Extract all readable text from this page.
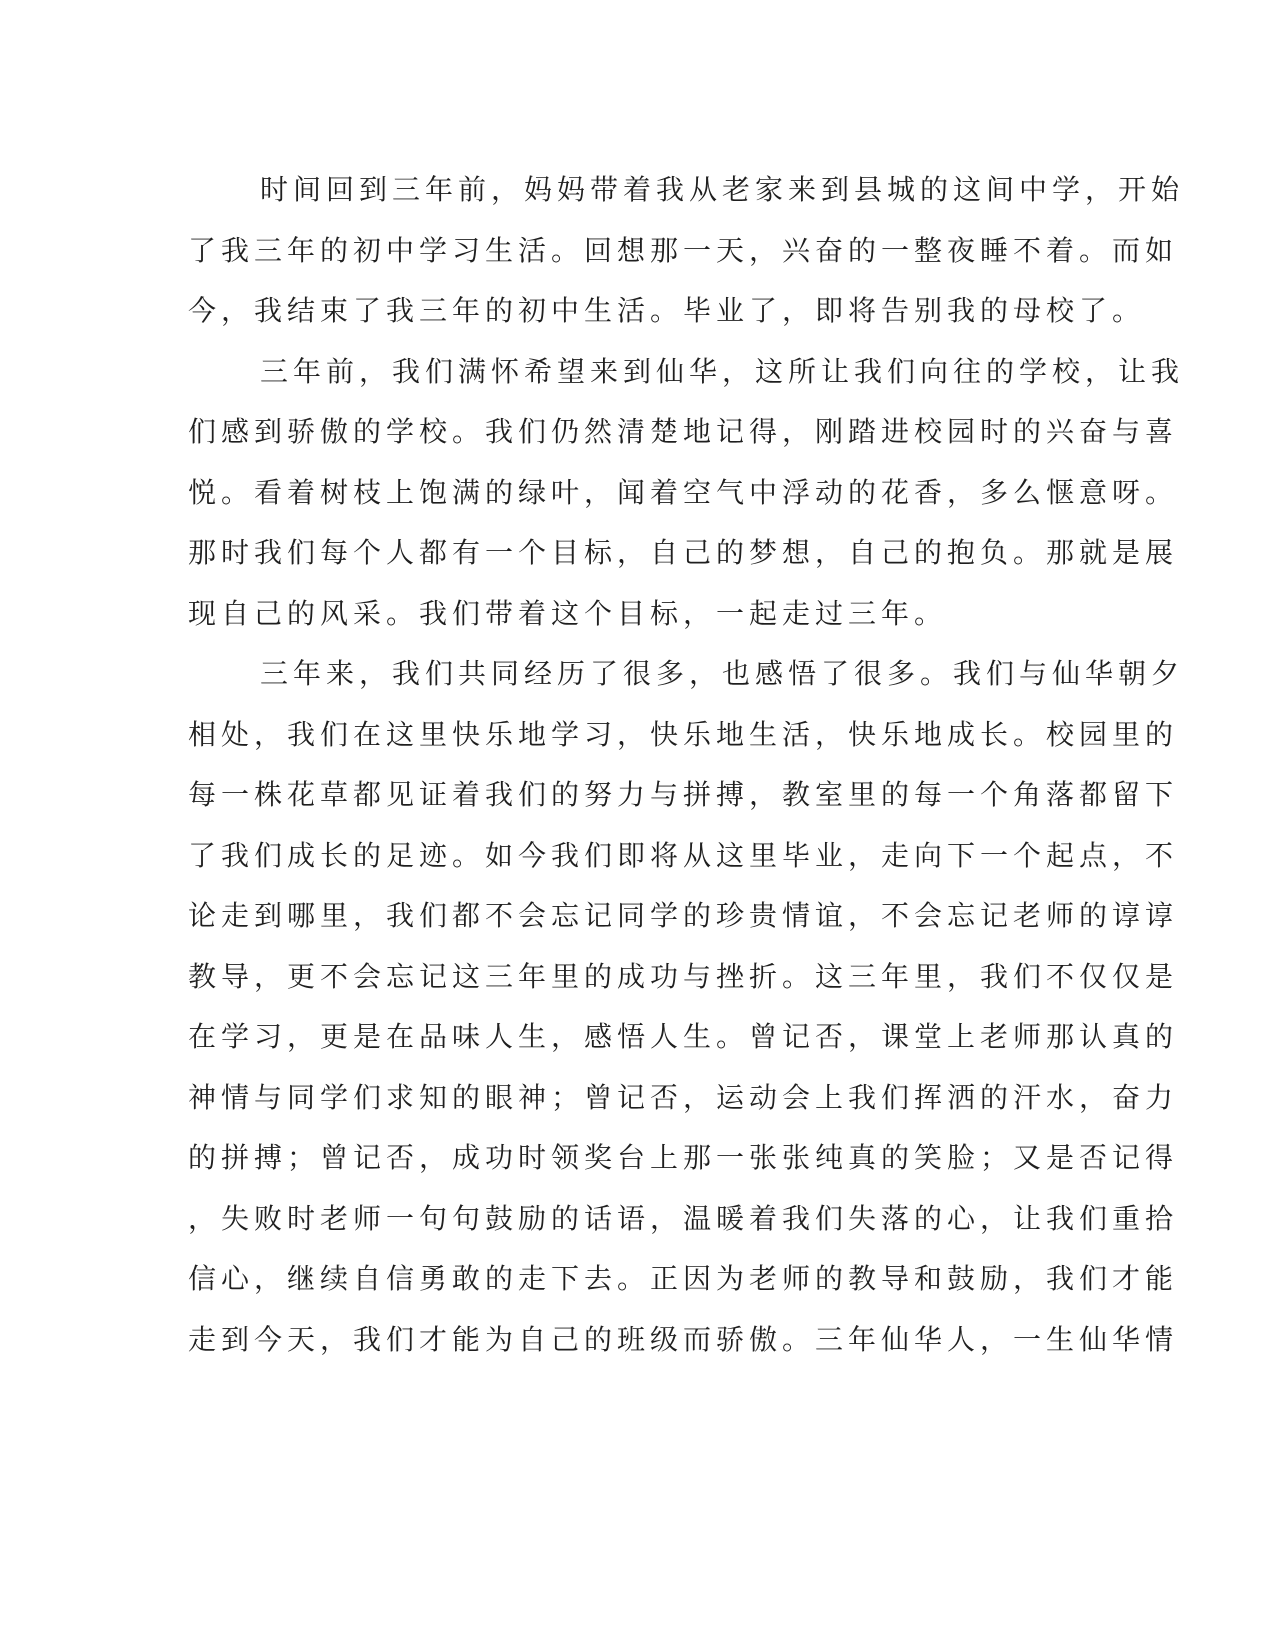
时间回到三年前，妈妈带着我从老家来到县城的这间中学，开始
了我三年的初中学习生活。回想那一天，兴奋的一整夜睡不着。而如
今，我结束了我三年的初中生活。毕业了，即将告别我的母校了。
三年前，我们满怀希望来到仙华，这所让我们向往的学校，让我
们感到骄傲的学校。我们仍然清楚地记得，刚踏进校园时的兴奋与喜
悦。看着树枝上饱满的绿叶，闻着空气中浮动的花香，多么惬意呀。
那时我们每个人都有一个目标，自己的梦想，自己的抱负。那就是展
现自己的风采。我们带着这个目标，一起走过三年。
三年来，我们共同经历了很多，也感悟了很多。我们与仙华朝夕
相处，我们在这里快乐地学习，快乐地生活，快乐地成长。校园里的
每一株花草都见证着我们的努力与拼搏，教室里的每一个角落都留下
了我们成长的足迹。如今我们即将从这里毕业，走向下一个起点，不
论走到哪里，我们都不会忘记同学的珍贵情谊，不会忘记老师的谆谆
教导，更不会忘记这三年里的成功与挫折。这三年里，我们不仅仅是
在学习，更是在品味人生，感悟人生。曾记否，课堂上老师那认真的
神情与同学们求知的眼神；曾记否，运动会上我们挥洒的汗水，奋力
的拼搏；曾记否，成功时领奖台上那一张张纯真的笑脸；又是否记得
，失败时老师一句句鼓励的话语，温暖着我们失落的心，让我们重拾
信心，继续自信勇敢的走下去。正因为老师的教导和鼓励，我们才能
走到今天，我们才能为自己的班级而骄傲。三年仙华人，一生仙华情
